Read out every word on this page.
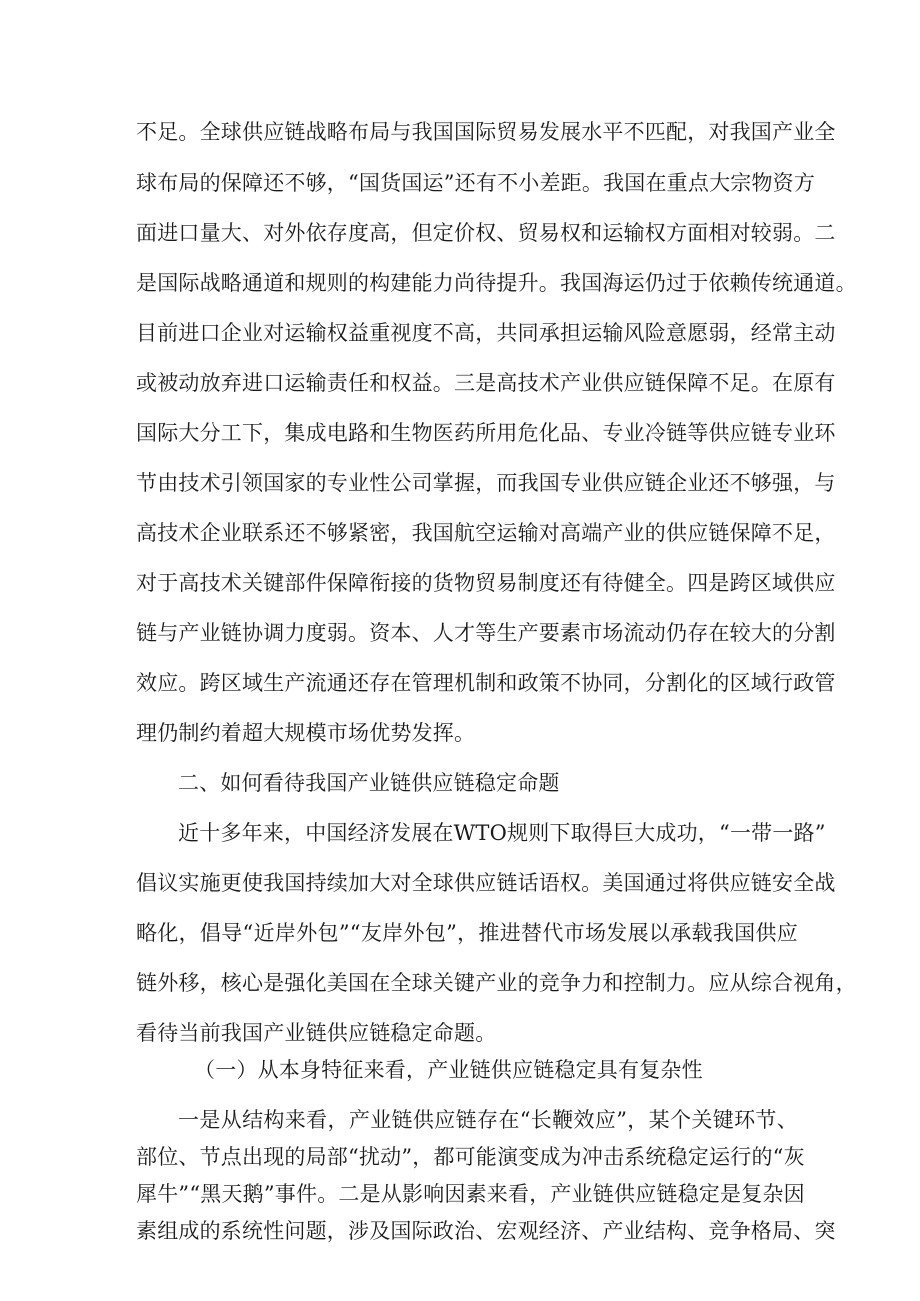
不足。全球供应链战略布局与我国国际贸易发展水平不匹配，对我国产业全
球布局的保障还不够，“国货国运”还有不小差距。我国在重点大宗物资方
面进口量大、对外依存度高，但定价权、贸易权和运输权方面相对较弱。二
是国际战略通道和规则的构建能力尚待提升。我国海运仍过于依赖传统通道。
目前进口企业对运输权益重视度不高，共同承担运输风险意愿弱，经常主动
或被动放弃进口运输责任和权益。三是高技术产业供应链保障不足。在原有
国际大分工下，集成电路和生物医药所用危化品、专业冷链等供应链专业环
节由技术引领国家的专业性公司掌握，而我国专业供应链企业还不够强，与
高技术企业联系还不够紧密，我国航空运输对高端产业的供应链保障不足，
对于高技术关键部件保障衔接的货物贸易制度还有待健全。四是跨区域供应
链与产业链协调力度弱。资本、人才等生产要素市场流动仍存在较大的分割
效应。跨区域生产流通还存在管理机制和政策不协同，分割化的区域行政管
理仍制约着超大规模市场优势发挥。
二、如何看待我国产业链供应链稳定命题
近十多年来，中国经济发展在WTO规则下取得巨大成功，“一带一路”
倡议实施更使我国持续加大对全球供应链话语权。美国通过将供应链安全战
略化，倡导“近岸外包”“友岸外包”，推进替代市场发展以承载我国供应
链外移，核心是强化美国在全球关键产业的竞争力和控制力。应从综合视角，
看待当前我国产业链供应链稳定命题。
（一）从本身特征来看，产业链供应链稳定具有复杂性
一是从结构来看，产业链供应链存在“长鞭效应”，某个关键环节、
部位、节点出现的局部“扰动”，都可能演变成为冲击系统稳定运行的“灰
犀牛”“黑天鹅”事件。二是从影响因素来看，产业链供应链稳定是复杂因
素组成的系统性问题，涉及国际政治、宏观经济、产业结构、竞争格局、突
